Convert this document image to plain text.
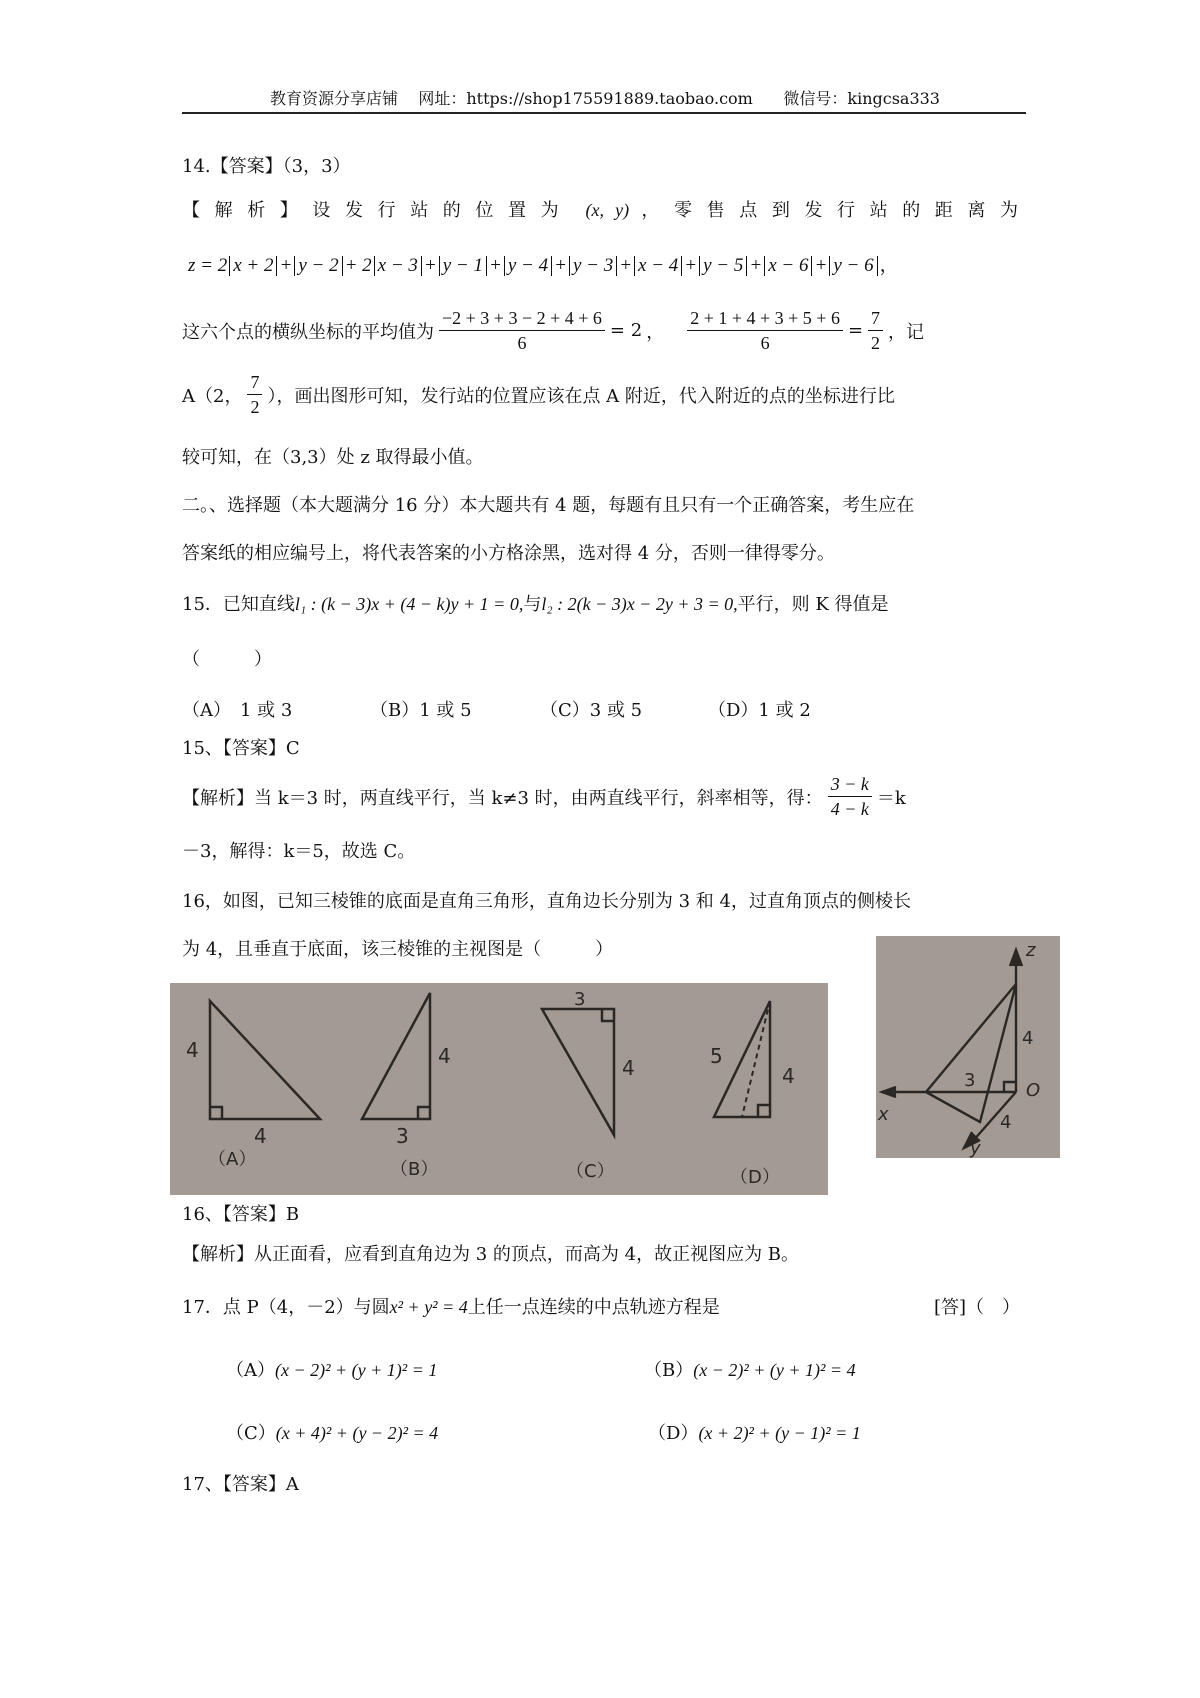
教育资源分享店铺 网址：https://shop175591889.taobao.com 微信号：kingcsa333
14.【答案】（3，3）
【解析】设发行站的位置为 (x, y) ，零售点到发行站的距离为
z = 2 x + 2 + y − 2 + 2 x − 3 + y − 1 + y − 4 + y − 3 + x − 4 + y − 5 + x − 6 + y − 6 ，
这六个点的横纵坐标的平均值为 $\frac{-2 + 3 + 3 - 2 + 4 + 6}{6} = 2$ ， $\frac{2 + 1 + 4 + 3 + 5 + 6}{6} = \frac{7}{2}$ ，记
A（2， $\frac{7}{2}$ ），画出图形可知，发行站的位置应该在点 A 附近，代入附近的点的坐标进行比
较可知，在（3,3）处 z 取得最小值。
二。、选择题（本大题满分 16 分）本大题共有 4 题，每题有且只有一个正确答案，考生应在
答案纸的相应编号上，将代表答案的小方格涂黑，选对得 4 分，否则一律得零分。
15．已知直线l₁ : (k − 3)x + (4 − k)y + 1 = 0,与l₂ : 2(k − 3)x − 2y + 3 = 0,平行，则 K 得值是
（　　　）
（A）　1 或 3	（B）1 或 5	（C）3 或 5	（D）1 或 2
15、【答案】C
【解析】当 k＝3 时，两直线平行，当 k≠3 时，由两直线平行，斜率相等，得： $\frac{3 - k}{4 - k} =k$
－3，解得：k＝5，故选 C。
16，如图，已知三棱锥的底面是直角三角形，直角边长分别为 3 和 4，过直角顶点的侧棱长
为 4，且垂直于底面，该三棱锥的主视图是（　　　）
4
4
（A）
4
3
（B）
3
4
（C）
5
4
（D）
z
x
y
O
4
3
4
16、【答案】B
【解析】从正面看，应看到直角边为 3 的顶点，而高为 4，故正视图应为 B。
17．点 P（4，－2）与圆x² + y² = 4上任一点连续的中点轨迹方程是	[答]（　）
（A）(x − 2)² + (y + 1)² = 1	（B）(x − 2)² + (y + 1)² = 4
（C）(x + 4)² + (y − 2)² = 4	（D）(x + 2)² + (y − 1)² = 1
17、【答案】A
